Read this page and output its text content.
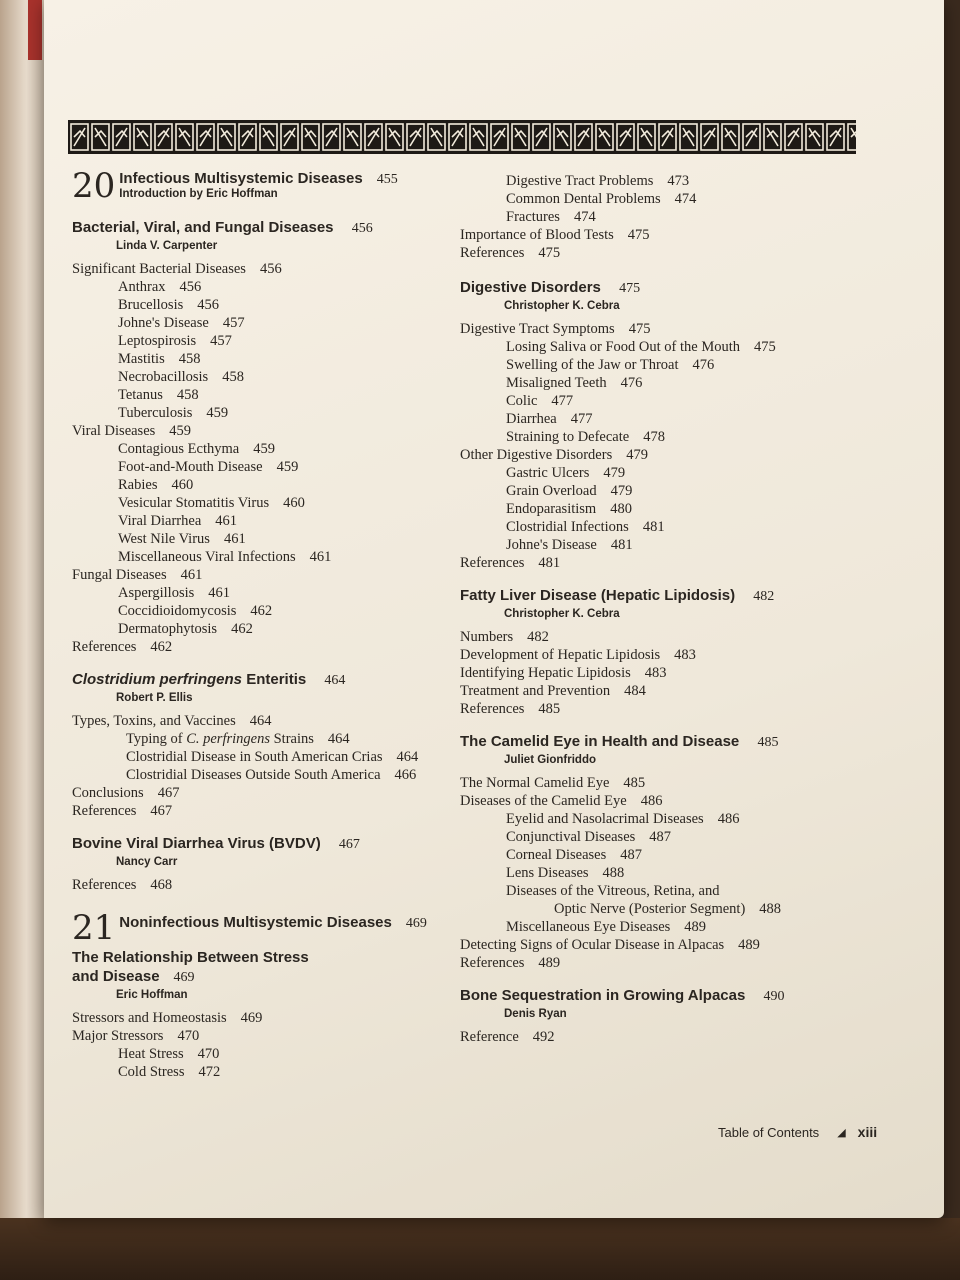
20 Infectious Multisystemic Diseases 455
Introduction by Eric Hoffman
Bacterial, Viral, and Fungal Diseases 456
Linda V. Carpenter
Significant Bacterial Diseases 456
Anthrax 456
Brucellosis 456
Johne's Disease 457
Leptospirosis 457
Mastitis 458
Necrobacillosis 458
Tetanus 458
Tuberculosis 459
Viral Diseases 459
Contagious Ecthyma 459
Foot-and-Mouth Disease 459
Rabies 460
Vesicular Stomatitis Virus 460
Viral Diarrhea 461
West Nile Virus 461
Miscellaneous Viral Infections 461
Fungal Diseases 461
Aspergillosis 461
Coccidioidomycosis 462
Dermatophytosis 462
References 462
Clostridium perfringens Enteritis 464
Robert P. Ellis
Types, Toxins, and Vaccines 464
Typing of C. perfringens Strains 464
Clostridial Disease in South American Crias 464
Clostridial Diseases Outside South America 466
Conclusions 467
References 467
Bovine Viral Diarrhea Virus (BVDV) 467
Nancy Carr
References 468
21 Noninfectious Multisystemic Diseases 469
The Relationship Between Stress
and Disease 469
Eric Hoffman
Stressors and Homeostasis 469
Major Stressors 470
Heat Stress 470
Cold Stress 472
Digestive Tract Problems 473
Common Dental Problems 474
Fractures 474
Importance of Blood Tests 475
References 475
Digestive Disorders 475
Christopher K. Cebra
Digestive Tract Symptoms 475
Losing Saliva or Food Out of the Mouth 475
Swelling of the Jaw or Throat 476
Misaligned Teeth 476
Colic 477
Diarrhea 477
Straining to Defecate 478
Other Digestive Disorders 479
Gastric Ulcers 479
Grain Overload 479
Endoparasitism 480
Clostridial Infections 481
Johne's Disease 481
References 481
Fatty Liver Disease (Hepatic Lipidosis) 482
Christopher K. Cebra
Numbers 482
Development of Hepatic Lipidosis 483
Identifying Hepatic Lipidosis 483
Treatment and Prevention 484
References 485
The Camelid Eye in Health and Disease 485
Juliet Gionfriddo
The Normal Camelid Eye 485
Diseases of the Camelid Eye 486
Eyelid and Nasolacrimal Diseases 486
Conjunctival Diseases 487
Corneal Diseases 487
Lens Diseases 488
Diseases of the Vitreous, Retina, and
Optic Nerve (Posterior Segment) 488
Miscellaneous Eye Diseases 489
Detecting Signs of Ocular Disease in Alpacas 489
References 489
Bone Sequestration in Growing Alpacas 490
Denis Ryan
Reference 492
Table of Contents ◢ xiii
